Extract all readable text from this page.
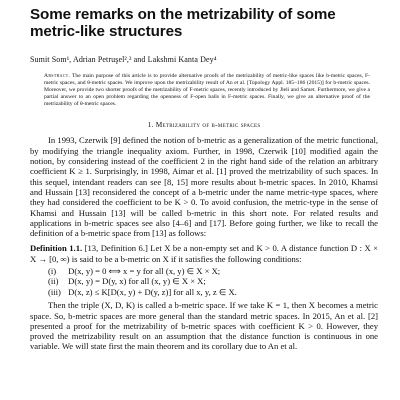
Some remarks on the metrizability of some metric-like structures
Sumit Som¹, Adrian Petruşel²,³ and Lakshmi Kanta Dey⁴
Abstract. The main purpose of this article is to provide alternative proofs of the metrizability of metric-like spaces like b-metric spaces, F-metric spaces, and θ-metric spaces. We improve upon the metrizability result of An et al. [Topology Appl. 185–186 (2015)] for b-metric spaces. Moreover, we provide two shorter proofs of the metrizability of F-metric spaces, recently introduced by Jleli and Samet. Furthermore, we give a partial answer to an open problem regarding the openness of F-open balls in F-metric spaces. Finally, we give an alternative proof of the metrizability of θ-metric spaces.
1. Metrizability of b-metric spaces

In 1993, Czerwik [9] defined the notion of b-metric as a generalization of the metric functional, by modifying the triangle inequality axiom. Further, in 1998, Czerwik [10] modified again the notion, by considering instead of the coefficient 2 in the right hand side of the relation an arbitrary coefficient K ≥ 1. Surprisingly, in 1998, Aimar et al. [1] proved the metrizability of such spaces. In this sequel, intendant readers can see [8, 15] more results about b-metric spaces. In 2010, Khamsi and Hussain [13] reconsidered the concept of a b-metric under the name metric-type spaces, where they had considered the coefficient to be K > 0. To avoid confusion, the metric-type in the sense of Khamsi and Hussain [13] will be called b-metric in this short note. For related results and applications in b-metric spaces see also [4–6] and [17]. Before going further, we like to recall the definition of a b-metric space from [13] as follows:

Definition 1.1. [13, Definition 6.] Let X be a non-empty set and K > 0. A distance function D : X × X → [0, ∞) is said to be a b-metric on X if it satisfies the following conditions:
(i) D(x, y) = 0 ⟺ x = y for all (x, y) ∈ X × X;
(ii) D(x, y) = D(y, x) for all (x, y) ∈ X × X;
(iii) D(x, z) ≤ K[D(x, y) + D(y, z)] for all x, y, z ∈ X.

Then the triple (X, D, K) is called a b-metric space. If we take K = 1, then X becomes a metric space. So, b-metric spaces are more general than the standard metric spaces. In 2015, An et al. [2] presented a proof for the metrizability of b-metric spaces with coefficient K > 0. However, they proved the metrizability result on an assumption that the distance function is continuous in one variable. We will state first the main theorem and its corollary due to An et al.
